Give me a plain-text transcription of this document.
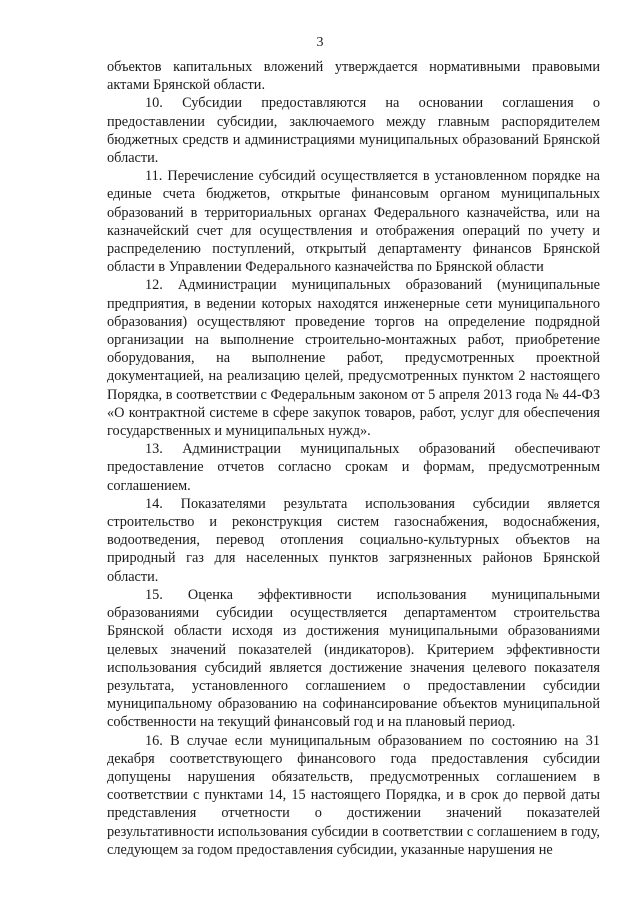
3

объектов капитальных вложений утверждается нормативными правовыми актами Брянской области.

10. Субсидии предоставляются на основании соглашения о предоставлении субсидии, заключаемого между главным распорядителем бюджетных средств и администрациями муниципальных образований Брянской области.

11. Перечисление субсидий осуществляется в установленном порядке на единые счета бюджетов, открытые финансовым органом муниципальных образований в территориальных органах Федерального казначейства, или на казначейский счет для осуществления и отображения операций по учету и распределению поступлений, открытый департаменту финансов Брянской области в Управлении Федерального казначейства по Брянской области

12. Администрации муниципальных образований (муниципальные предприятия, в ведении которых находятся инженерные сети муниципального образования) осуществляют проведение торгов на определение подрядной организации на выполнение строительно-монтажных работ, приобретение оборудования, на выполнение работ, предусмотренных проектной документацией, на реализацию целей, предусмотренных пунктом 2 настоящего Порядка, в соответствии с Федеральным законом от 5 апреля 2013 года № 44-ФЗ «О контрактной системе в сфере закупок товаров, работ, услуг для обеспечения государственных и муниципальных нужд».

13. Администрации муниципальных образований обеспечивают предоставление отчетов согласно срокам и формам, предусмотренным соглашением.

14. Показателями результата использования субсидии является строительство и реконструкция систем газоснабжения, водоснабжения, водоотведения, перевод отопления социально-культурных объектов на природный газ для населенных пунктов загрязненных районов Брянской области.

15. Оценка эффективности использования муниципальными образованиями субсидии осуществляется департаментом строительства Брянской области исходя из достижения муниципальными образованиями целевых значений показателей (индикаторов). Критерием эффективности использования субсидий является достижение значения целевого показателя результата, установленного соглашением о предоставлении субсидии муниципальному образованию на софинансирование объектов муниципальной собственности на текущий финансовый год и на плановый период.

16. В случае если муниципальным образованием по состоянию на 31 декабря соответствующего финансового года предоставления субсидии допущены нарушения обязательств, предусмотренных соглашением в соответствии с пунктами 14, 15 настоящего Порядка, и в срок до первой даты представления отчетности о достижении значений показателей результативности использования субсидии в соответствии с соглашением в году, следующем за годом предоставления субсидии, указанные нарушения не
